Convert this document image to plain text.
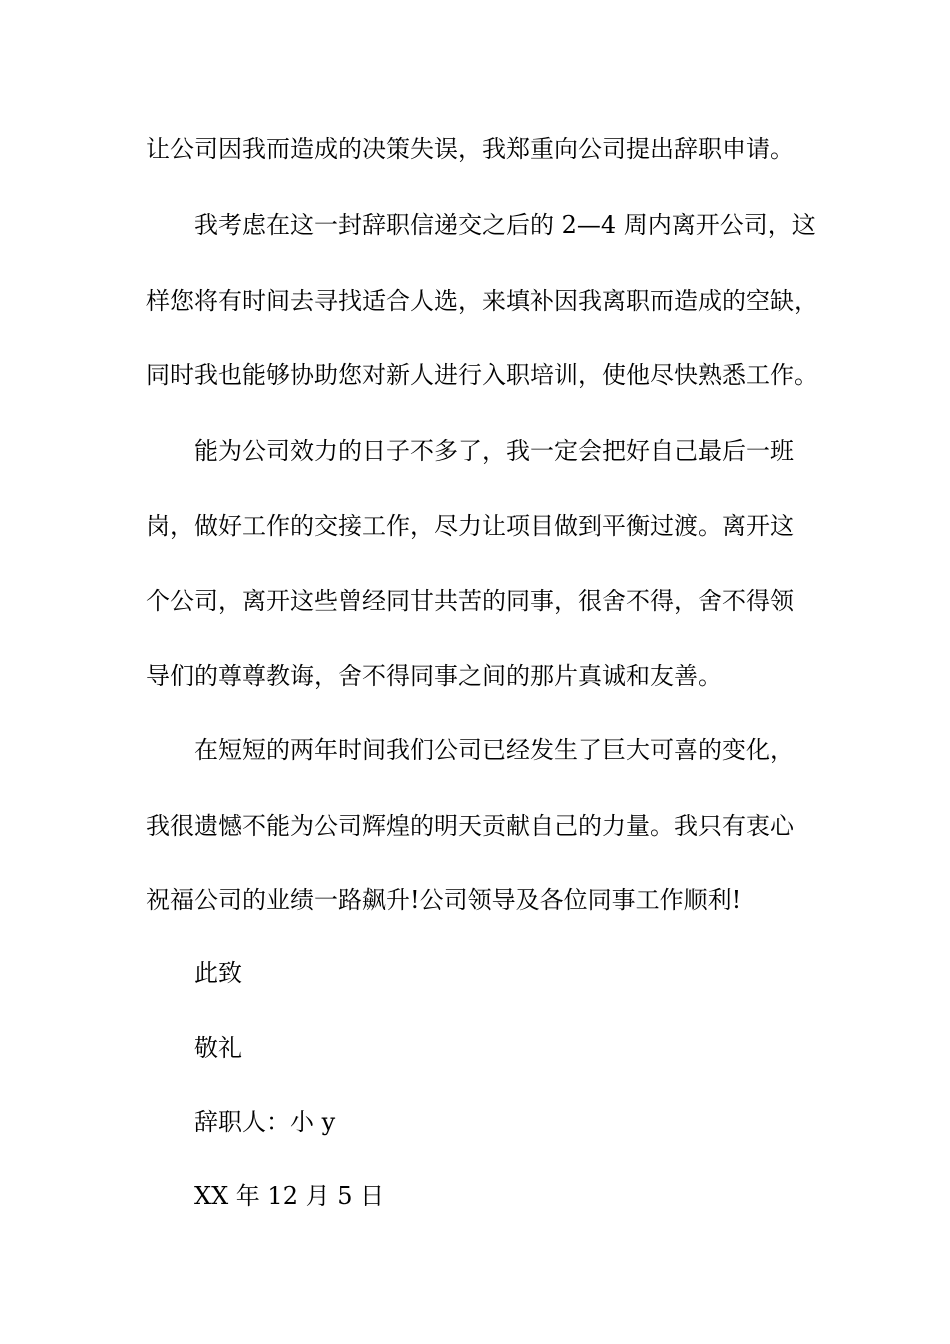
让公司因我而造成的决策失误，我郑重向公司提出辞职申请。
我考虑在这一封辞职信递交之后的 2—4 周内离开公司，这
样您将有时间去寻找适合人选，来填补因我离职而造成的空缺，
同时我也能够协助您对新人进行入职培训，使他尽快熟悉工作。
能为公司效力的日子不多了，我一定会把好自己最后一班
岗，做好工作的交接工作，尽力让项目做到平衡过渡。离开这
个公司，离开这些曾经同甘共苦的同事，很舍不得，舍不得领
导们的尊尊教诲，舍不得同事之间的那片真诚和友善。
在短短的两年时间我们公司已经发生了巨大可喜的变化，
我很遗憾不能为公司辉煌的明天贡献自己的力量。我只有衷心
祝福公司的业绩一路飙升!公司领导及各位同事工作顺利!
此致
敬礼
辞职人：小 y
XX 年 12 月 5 日
